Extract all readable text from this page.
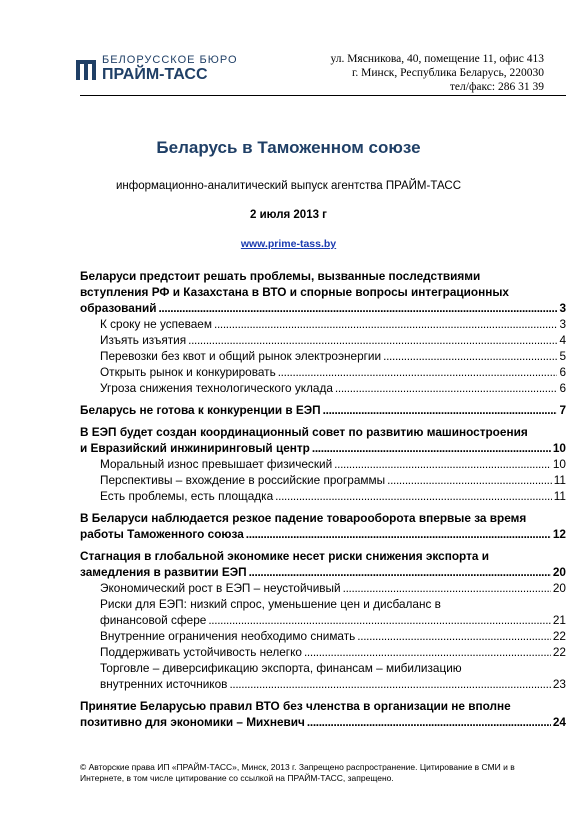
БЕЛОРУССКОЕ БЮРО
ПРАЙМ-ТАСС
ул. Мясникова, 40, помещение 11, офис 413
г. Минск, Республика Беларусь, 220030
тел/факс: 286 31 39
Беларусь в Таможенном союзе
информационно-аналитический выпуск агентства ПРАЙМ-ТАСС
2 июля 2013 г
www.prime-tass.by
Беларуси предстоит решать проблемы, вызванные последствиями
вступления РФ и Казахстана в ВТО и спорные вопросы интеграционных
образований . . .	3
К сроку не успеваем . . .	3
Изъять изъятия . . .	4
Перевозки без квот и общий рынок электроэнергии . . .	5
Открыть рынок и конкурировать . . .	6
Угроза снижения технологического уклада . . .	6
Беларусь не готова к конкуренции в ЕЭП . . .	7
В ЕЭП будет создан координационный совет по развитию машиностроения
и Евразийский инжиниринговый центр . . .	10
Моральный износ превышает физический . . .	10
Перспективы – вхождение в российские программы . . .	11
Есть проблемы, есть площадка . . .	11
В Беларуси наблюдается резкое падение товарооборота впервые за время
работы Таможенного союза . . .	12
Стагнация в глобальной экономике несет риски снижения экспорта и
замедления в развитии ЕЭП . . .	20
Экономический рост в ЕЭП – неустойчивый . . .	20
Риски для ЕЭП: низкий спрос, уменьшение цен и дисбаланс в
финансовой сфере . . .	21
Внутренние ограничения необходимо снимать . . .	22
Поддерживать устойчивость нелегко . . .	22
Торговле – диверсификацию экспорта, финансам – мибилизацию
внутренних источников . . .	23
Принятие Беларусью правил ВТО без членства в организации не вполне
позитивно для экономики – Михневич . . .	24
© Авторские права ИП «ПРАЙМ-ТАСС», Минск, 2013 г. Запрещено распространение. Цитирование в СМИ и в
Интернете, в том числе цитирование со ссылкой на ПРАЙМ-ТАСС, запрещено.
